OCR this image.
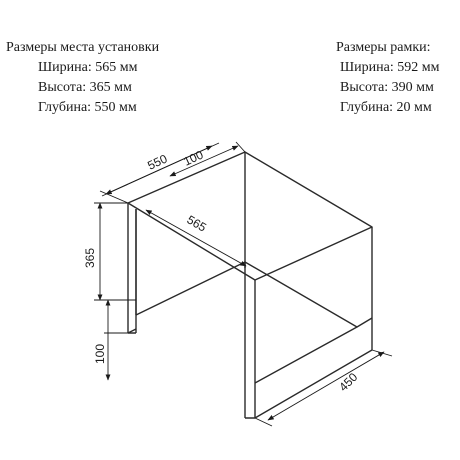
Размеры места установки
Ширина: 565 мм
Высота: 365 мм
Глубина: 550 мм
Размеры рамки:
Ширина: 592 мм
Высота: 390 мм
Глубина: 20 мм
550 100
565
365
100
450
